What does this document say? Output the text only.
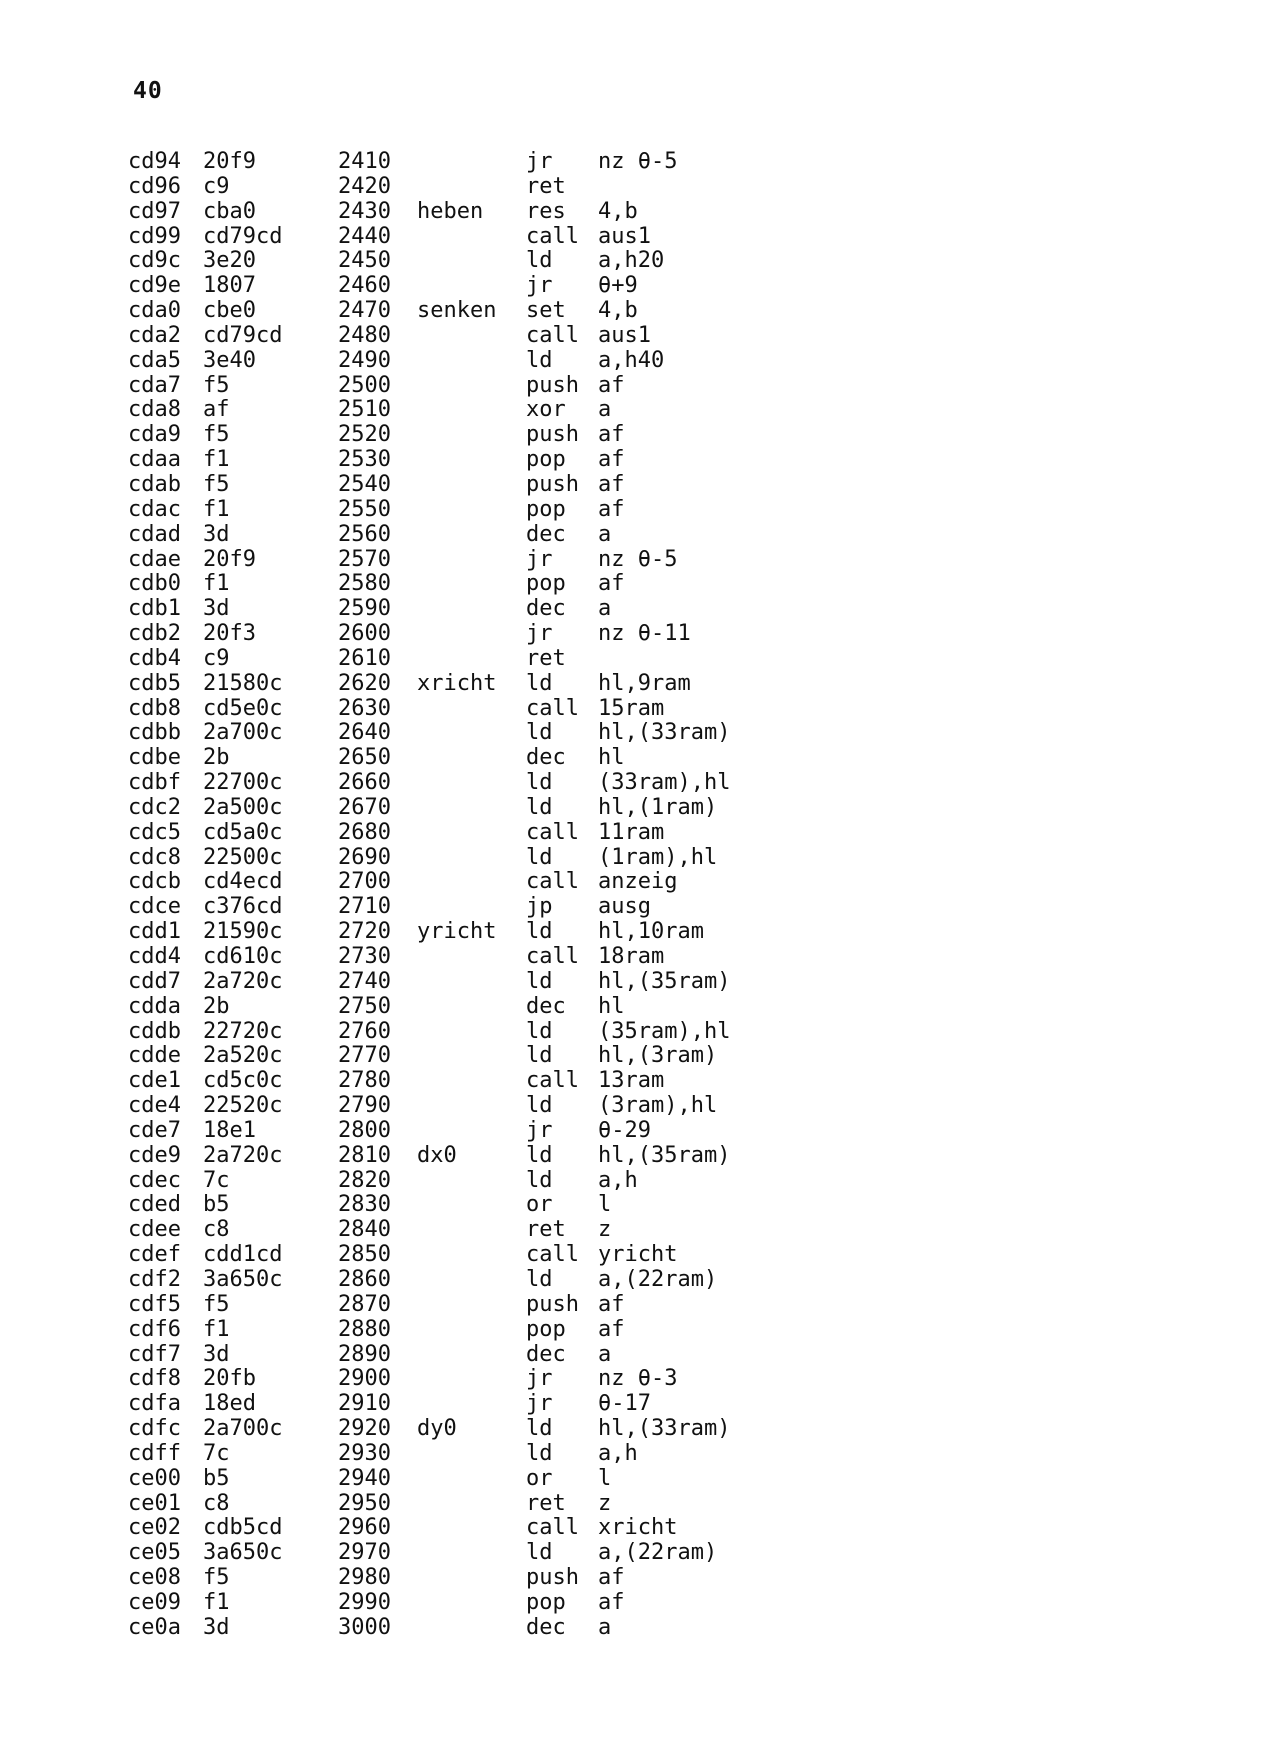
40
cd94 20f9	2410	jr nz θ-5
cd96 c9	2420	ret
cd97 cba0	2430 heben res 4,b
cd99 cd79cd	2440	call aus1
cd9c 3e20	2450	ld a,h20
cd9e 1807	2460	jr θ+9
cda0 cbe0	2470 senken set 4,b
cda2 cd79cd	2480	call aus1
cda5 3e40	2490	ld a,h40
cda7 f5	2500	push af
cda8 af	2510	xor a
cda9 f5	2520	push af
cdaa f1	2530	pop af
cdab f5	2540	push af
cdac f1	2550	pop af
cdad 3d	2560	dec a
cdae 20f9	2570	jr nz θ-5
cdb0 f1	2580	pop af
cdb1 3d	2590	dec a
cdb2 20f3	2600	jr nz θ-11
cdb4 c9	2610	ret
cdb5 21580c	2620 xricht ld hl,9ram
cdb8 cd5e0c	2630	call 15ram
cdbb 2a700c	2640	ld hl,(33ram)
cdbe 2b	2650	dec hl
cdbf 22700c	2660	ld (33ram),hl
cdc2 2a500c	2670	ld hl,(1ram)
cdc5 cd5a0c	2680	call 11ram
cdc8 22500c	2690	ld (1ram),hl
cdcb cd4ecd	2700	call anzeig
cdce c376cd	2710	jp ausg
cdd1 21590c	2720 yricht ld hl,10ram
cdd4 cd610c	2730	call 18ram
cdd7 2a720c	2740	ld hl,(35ram)
cdda 2b	2750	dec hl
cddb 22720c	2760	ld (35ram),hl
cdde 2a520c	2770	ld hl,(3ram)
cde1 cd5c0c	2780	call 13ram
cde4 22520c	2790	ld (3ram),hl
cde7 18e1	2800	jr θ-29
cde9 2a720c	2810 dx0	ld hl,(35ram)
cdec 7c	2820	ld a,h
cded b5	2830	or l
cdee c8	2840	ret z
cdef cdd1cd	2850	call yricht
cdf2 3a650c	2860	ld a,(22ram)
cdf5 f5	2870	push af
cdf6 f1	2880	pop af
cdf7 3d	2890	dec a
cdf8 20fb	2900	jr nz θ-3
cdfa 18ed	2910	jr θ-17
cdfc 2a700c	2920 dy0	ld hl,(33ram)
cdff 7c	2930	ld a,h
ce00 b5	2940	or l
ce01 c8	2950	ret z
ce02 cdb5cd	2960	call xricht
ce05 3a650c	2970	ld a,(22ram)
ce08 f5	2980	push af
ce09 f1	2990	pop af
ce0a 3d	3000	dec a
